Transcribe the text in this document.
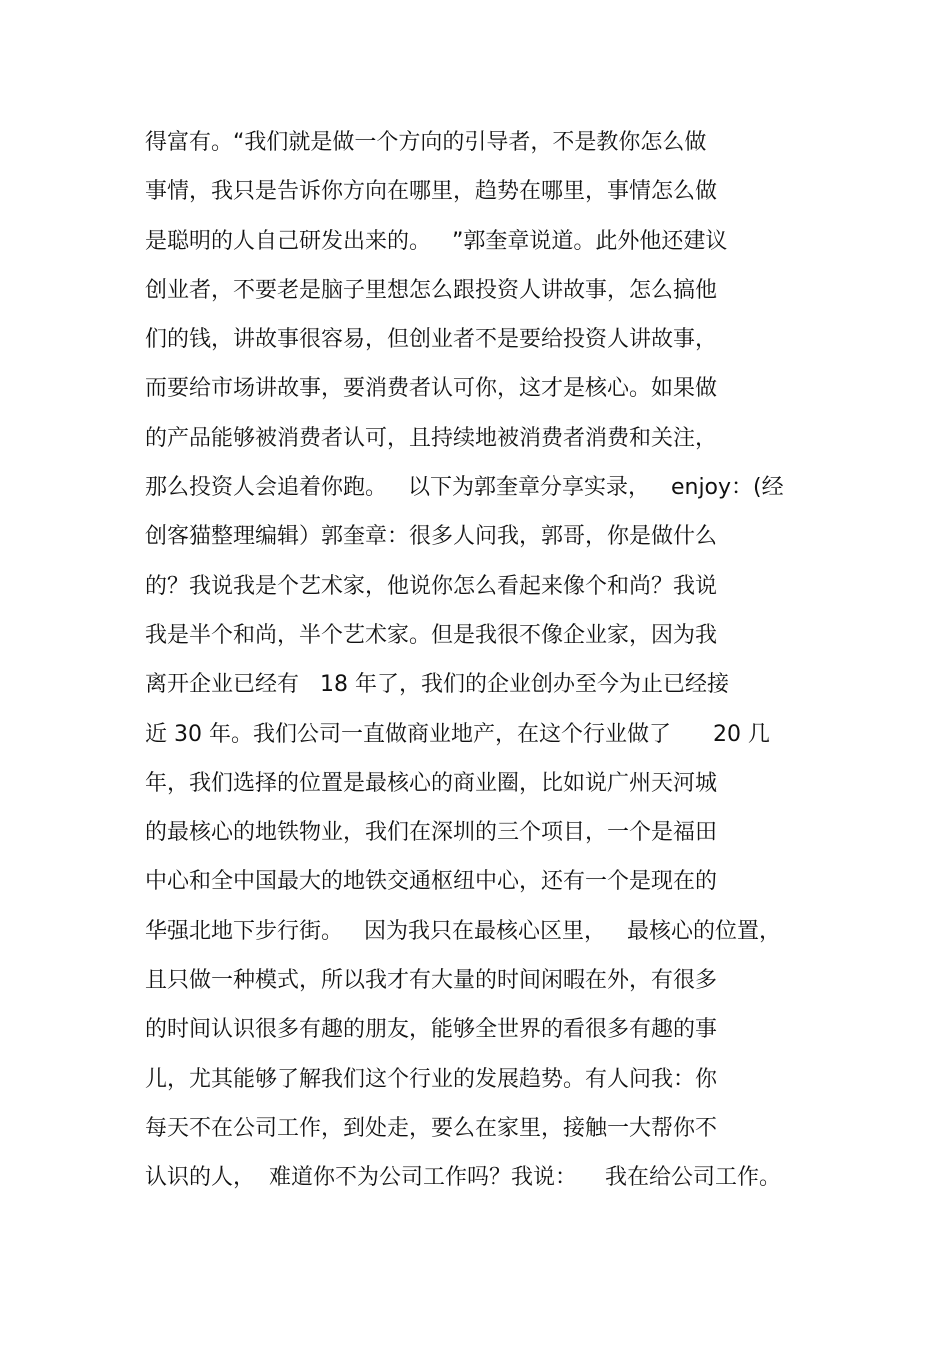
得富有。“我们就是做一个方向的引导者，不是教你怎么做
事情，我只是告诉你方向在哪里，趋势在哪里，事情怎么做
是聪明的人自己研发出来的。   ”郭奎章说道。此外他还建议
创业者，不要老是脑子里想怎么跟投资人讲故事，怎么搞他
们的钱，讲故事很容易，但创业者不是要给投资人讲故事，
而要给市场讲故事，要消费者认可你，这才是核心。如果做
的产品能够被消费者认可，且持续地被消费者消费和关注，
那么投资人会追着你跑。   以下为郭奎章分享实录，   enjoy：(经
创客猫整理编辑）郭奎章：很多人问我，郭哥，你是做什么
的？我说我是个艺术家，他说你怎么看起来像个和尚？我说
我是半个和尚，半个艺术家。但是我很不像企业家，因为我
离开企业已经有   18 年了，我们的企业创办至今为止已经接
近 30 年。我们公司一直做商业地产，在这个行业做了      20 几
年，我们选择的位置是最核心的商业圈，比如说广州天河城
的最核心的地铁物业，我们在深圳的三个项目，一个是福田
中心和全中国最大的地铁交通枢纽中心，还有一个是现在的
华强北地下步行街。   因为我只在最核心区里，   最核心的位置，
且只做一种模式，所以我才有大量的时间闲暇在外，有很多
的时间认识很多有趣的朋友，能够全世界的看很多有趣的事
儿，尤其能够了解我们这个行业的发展趋势。有人问我：你
每天不在公司工作，到处走，要么在家里，接触一大帮你不
认识的人，  难道你不为公司工作吗？我说：    我在给公司工作。
